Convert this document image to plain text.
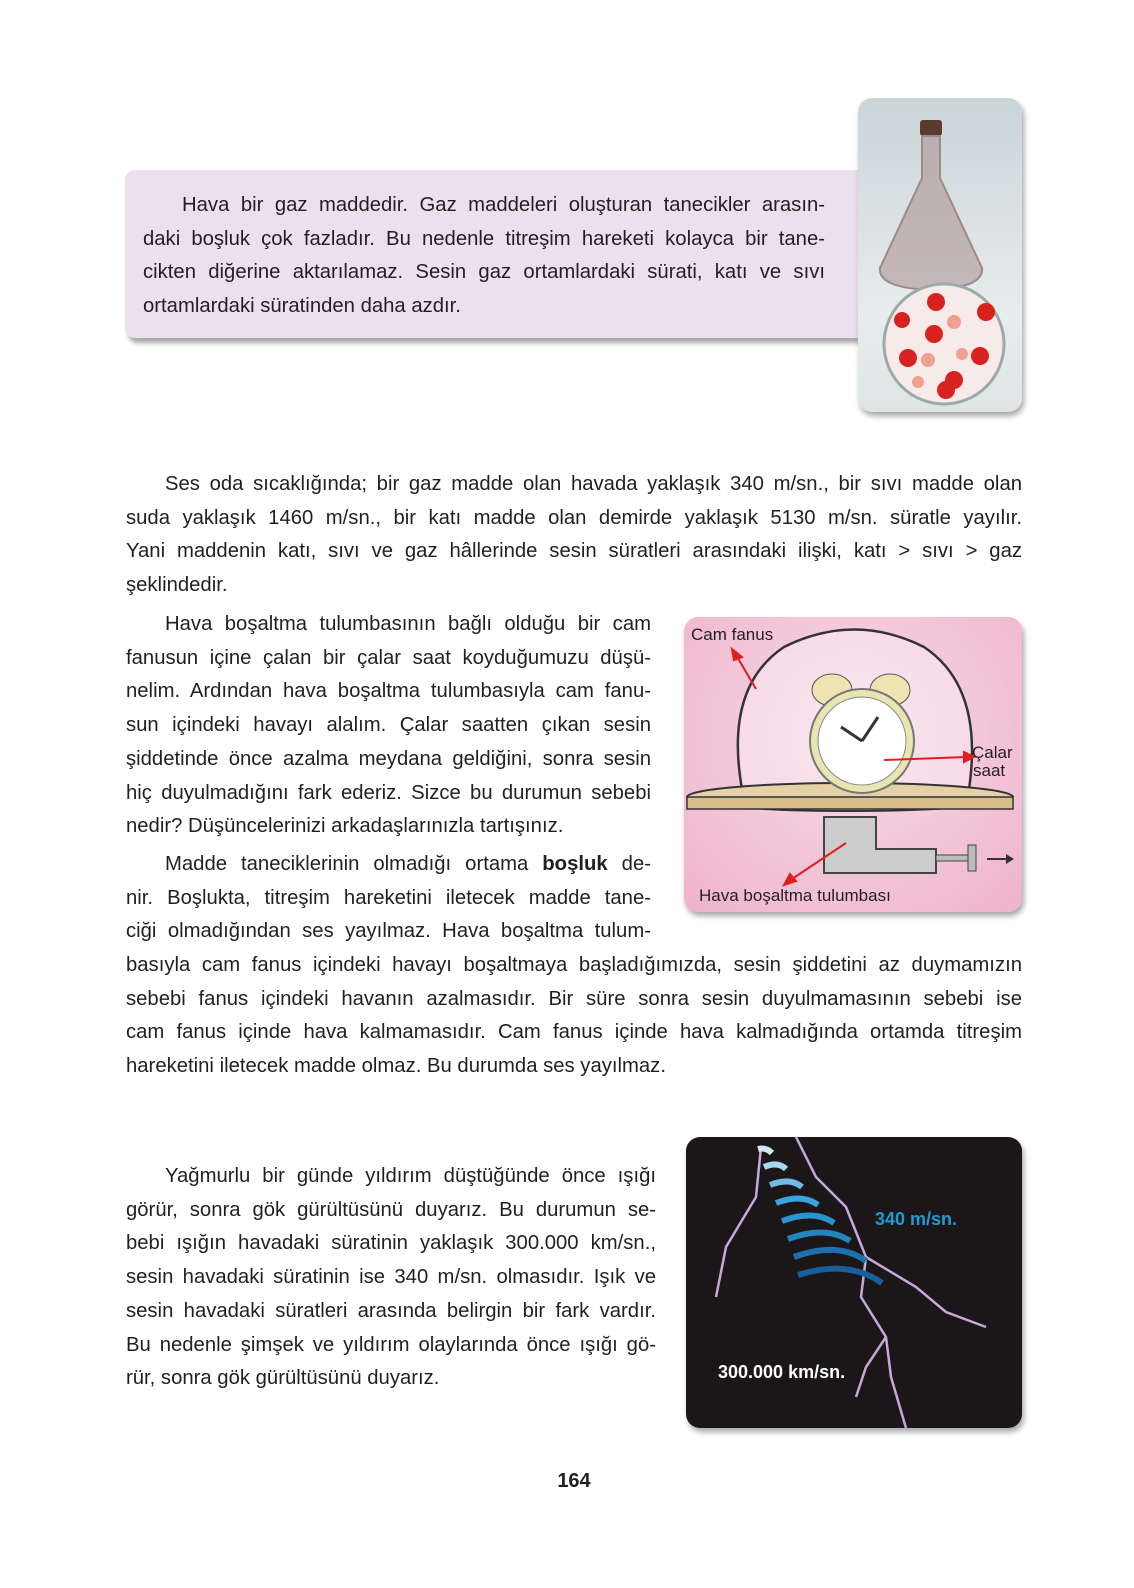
Cam fanus
Çalar
saat
Hava boşaltma tulumbası
340 m/sn.
300.000 km/sn.
Hava bir gaz maddedir. Gaz maddeleri oluşturan tanecikler arasın-
daki boşluk çok fazladır. Bu nedenle titreşim hareketi kolayca bir tane-
cikten diğerine aktarılamaz. Sesin gaz ortamlardaki sürati, katı ve sıvı
ortamlardaki süratinden daha azdır.
Ses oda sıcaklığında; bir gaz madde olan havada yaklaşık 340 m/sn., bir sıvı madde olan
suda yaklaşık 1460 m/sn., bir katı madde olan demirde yaklaşık 5130 m/sn. süratle yayılır.
Yani maddenin katı, sıvı ve gaz hâllerinde sesin süratleri arasındaki ilişki, katı > sıvı > gaz
şeklindedir.
Hava boşaltma tulumbasının bağlı olduğu bir cam
fanusun içine çalan bir çalar saat koyduğumuzu düşü-
nelim. Ardından hava boşaltma tulumbasıyla cam fanu-
sun içindeki havayı alalım. Çalar saatten çıkan sesin
şiddetinde önce azalma meydana geldiğini, sonra sesin
hiç duyulmadığını fark ederiz. Sizce bu durumun sebebi
nedir? Düşüncelerinizi arkadaşlarınızla tartışınız.
Madde taneciklerinin olmadığı ortama boşluk de-
nir. Boşlukta, titreşim hareketini iletecek madde tane-
ciği olmadığından ses yayılmaz. Hava boşaltma tulum-
basıyla cam fanus içindeki havayı boşaltmaya başladığımızda, sesin şiddetini az duymamızın
sebebi fanus içindeki havanın azalmasıdır. Bir süre sonra sesin duyulmamasının sebebi ise
cam fanus içinde hava kalmamasıdır. Cam fanus içinde hava kalmadığında ortamda titreşim
hareketini iletecek madde olmaz. Bu durumda ses yayılmaz.
Yağmurlu bir günde yıldırım düştüğünde önce ışığı
görür, sonra gök gürültüsünü duyarız. Bu durumun se-
bebi ışığın havadaki süratinin yaklaşık 300.000 km/sn.,
sesin havadaki süratinin ise 340 m/sn. olmasıdır. Işık ve
sesin havadaki süratleri arasında belirgin bir fark vardır.
Bu nedenle şimşek ve yıldırım olaylarında önce ışığı gö-
rür, sonra gök gürültüsünü duyarız.
164
